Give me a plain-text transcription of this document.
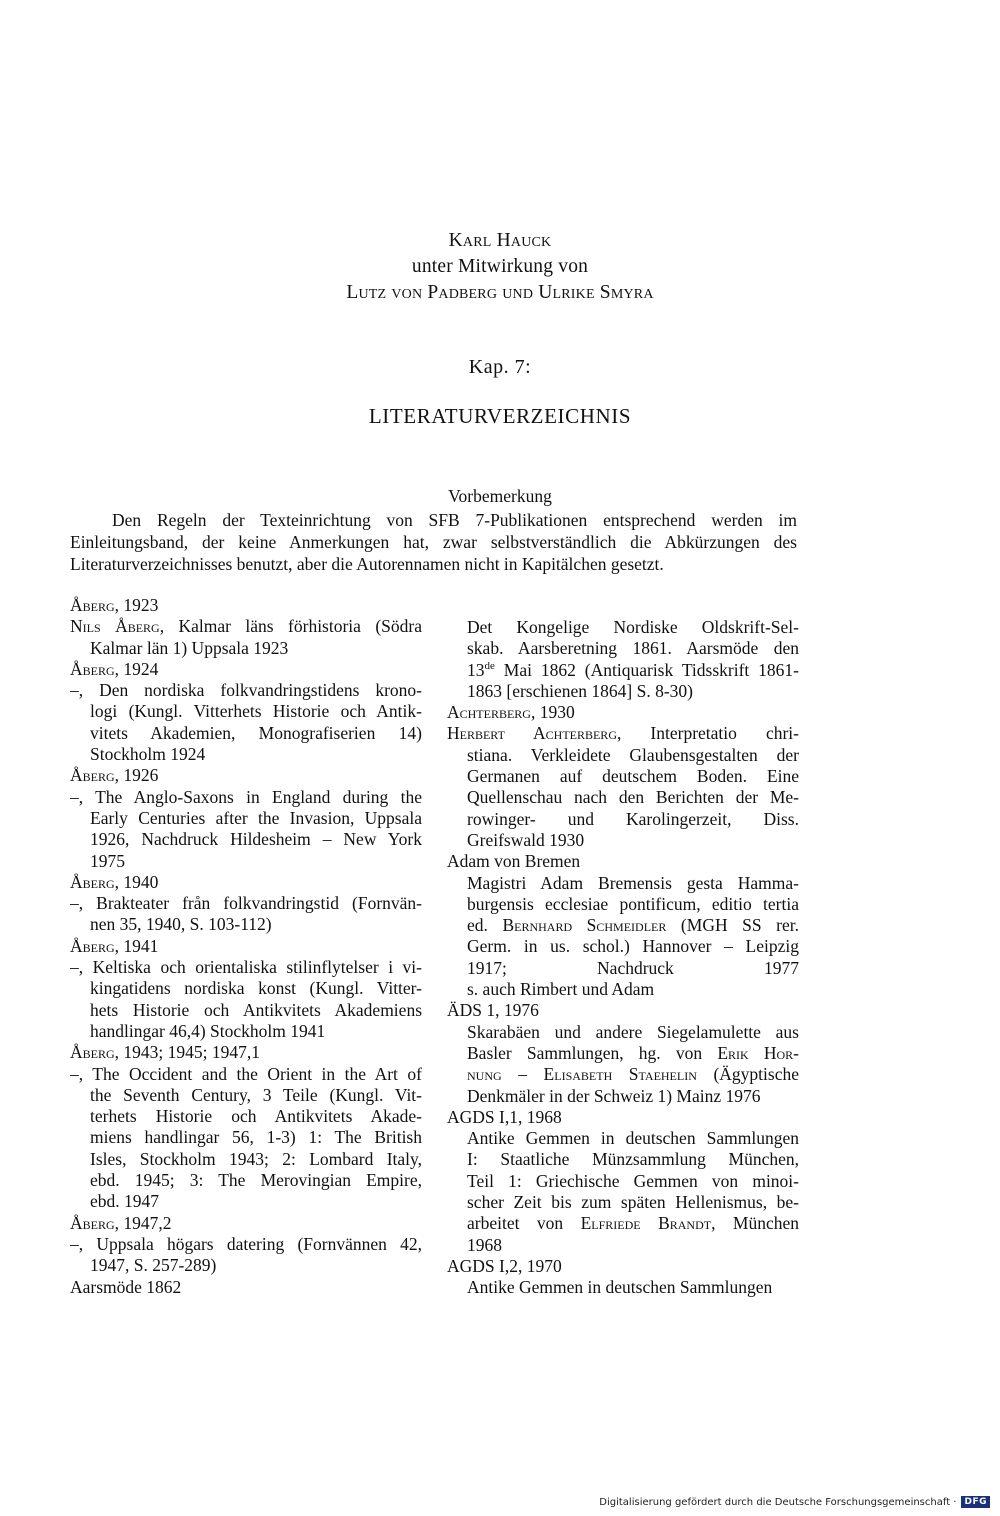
Karl Hauck
unter Mitwirkung von
Lutz von Padberg und Ulrike Smyra
Kap. 7:
LITERATURVERZEICHNIS
Vorbemerkung
Den Regeln der Texteinrichtung von SFB 7-Publikationen entsprechend werden im Einleitungsband, der keine Anmerkungen hat, zwar selbstverständlich die Abkürzungen des Literaturverzeichnisses benutzt, aber die Autorennamen nicht in Kapitälchen gesetzt.
Åberg, 1923
Nils Åberg, Kalmar läns förhistoria (Södra
Kalmar län 1) Uppsala 1923
Åberg, 1924
–, Den nordiska folkvandringstidens krono-
logi (Kungl. Vitterhets Historie och Antik-
vitets Akademien, Monografiserien 14)
Stockholm 1924
Åberg, 1926
–, The Anglo-Saxons in England during the
Early Centuries after the Invasion, Uppsala
1926, Nachdruck Hildesheim – New York
1975
Åberg, 1940
–, Brakteater från folkvandringstid (Fornvän-
nen 35, 1940, S. 103-112)
Åberg, 1941
–, Keltiska och orientaliska stilinflytelser i vi-
kingatidens nordiska konst (Kungl. Vitter-
hets Historie och Antikvitets Akademiens
handlingar 46,4) Stockholm 1941
Åberg, 1943; 1945; 1947,1
–, The Occident and the Orient in the Art of
the Seventh Century, 3 Teile (Kungl. Vit-
terhets Historie och Antikvitets Akade-
miens handlingar 56, 1-3) 1: The British
Isles, Stockholm 1943; 2: Lombard Italy,
ebd. 1945; 3: The Merovingian Empire,
ebd. 1947
Åberg, 1947,2
–, Uppsala högars datering (Fornvännen 42,
1947, S. 257-289)
Aarsmöde 1862
Det Kongelige Nordiske Oldskrift-Sel-
skab. Aarsberetning 1861. Aarsmöde den
13de Mai 1862 (Antiquarisk Tidsskrift 1861-
1863 [erschienen 1864] S. 8-30)
Achterberg, 1930
Herbert Achterberg, Interpretatio chri-
stiana. Verkleidete Glaubensgestalten der
Germanen auf deutschem Boden. Eine
Quellenschau nach den Berichten der Me-
rowinger- und Karolingerzeit, Diss.
Greifswald 1930
Adam von Bremen
Magistri Adam Bremensis gesta Hamma-
burgensis ecclesiae pontificum, editio tertia
ed. Bernhard Schmeidler (MGH SS rer.
Germ. in us. schol.) Hannover – Leipzig
1917; Nachdruck 1977
s. auch Rimbert und Adam
ÄDS 1, 1976
Skarabäen und andere Siegelamulette aus
Basler Sammlungen, hg. von Erik Hor-
nung – Elisabeth Staehelin (Ägyptische
Denkmäler in der Schweiz 1) Mainz 1976
AGDS I,1, 1968
Antike Gemmen in deutschen Sammlungen
I: Staatliche Münzsammlung München,
Teil 1: Griechische Gemmen von minoi-
scher Zeit bis zum späten Hellenismus, be-
arbeitet von Elfriede Brandt, München
1968
AGDS I,2, 1970
Antike Gemmen in deutschen Sammlungen
Digitalisierung gefördert durch die Deutsche Forschungsgemeinschaft · DFG
